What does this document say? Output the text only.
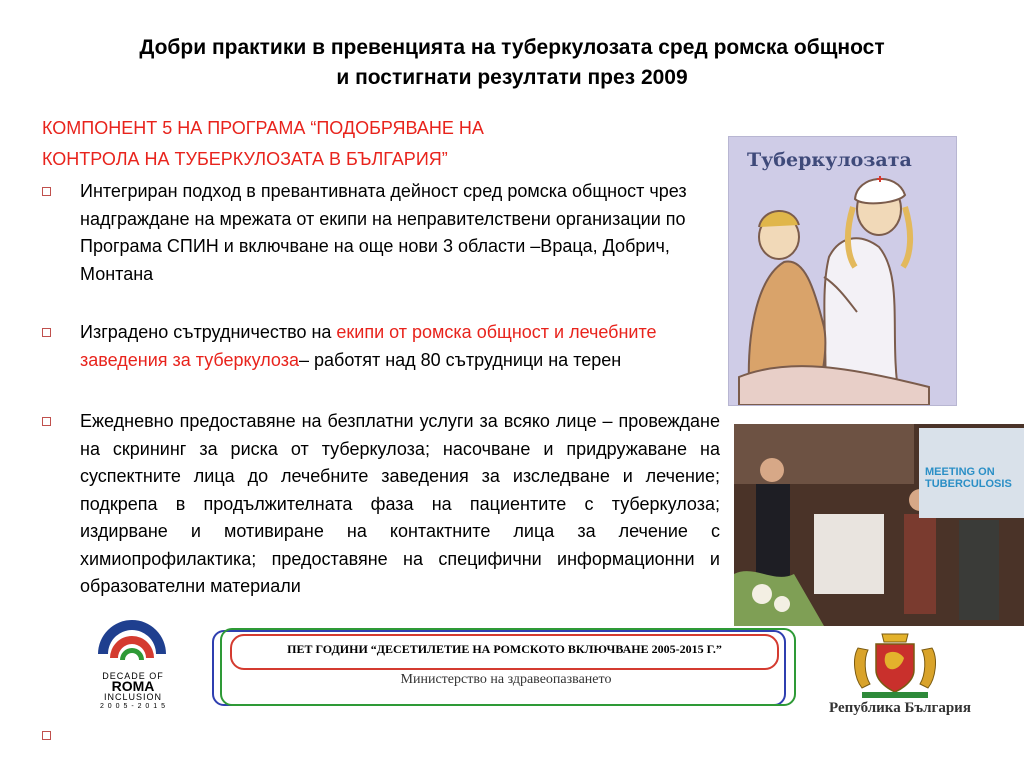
Добри практики в превенцията на туберкулозата сред ромска общност
и постигнати резултати през 2009
КОМПОНЕНТ 5 НА ПРОГРАМА “ПОДОБРЯВАНЕ НА
КОНТРОЛА НА ТУБЕРКУЛОЗАТА В БЪЛГАРИЯ”
Интегриран подход в превантивната дейност сред ромска общност чрез надграждане на мрежата от екипи на неправителствени организации по Програма СПИН и включване на още нови 3 области –Враца, Добрич, Монтана
Изградено сътрудничество на екипи от ромска общност и лечебните заведения за туберкулоза– работят над 80 сътрудници на терен
Ежедневно предоставяне на безплатни услуги за всяко лице – провеждане на скрининг за риска от туберкулоза; насочване и придружаване на суспектните лица до лечебните заведения за изследване и лечение; подкрепа в продължителната фаза на пациентите с туберкулоза; издирване и мотивиране на контактните лица за лечение с химиопрофилактика; предоставяне на специфични информационни и образователни материали
Туберкулозата
MEETING ON
TUBERCULOSIS
DECADE OF
ROMA
INCLUSION
2 0 0 5 - 2 0 1 5
ПЕТ ГОДИНИ “ДЕСЕТИЛЕТИЕ НА РОМСКОТО ВКЛЮЧВАНЕ 2005-2015 Г.”
Министерство на здравеопазването
Република България
